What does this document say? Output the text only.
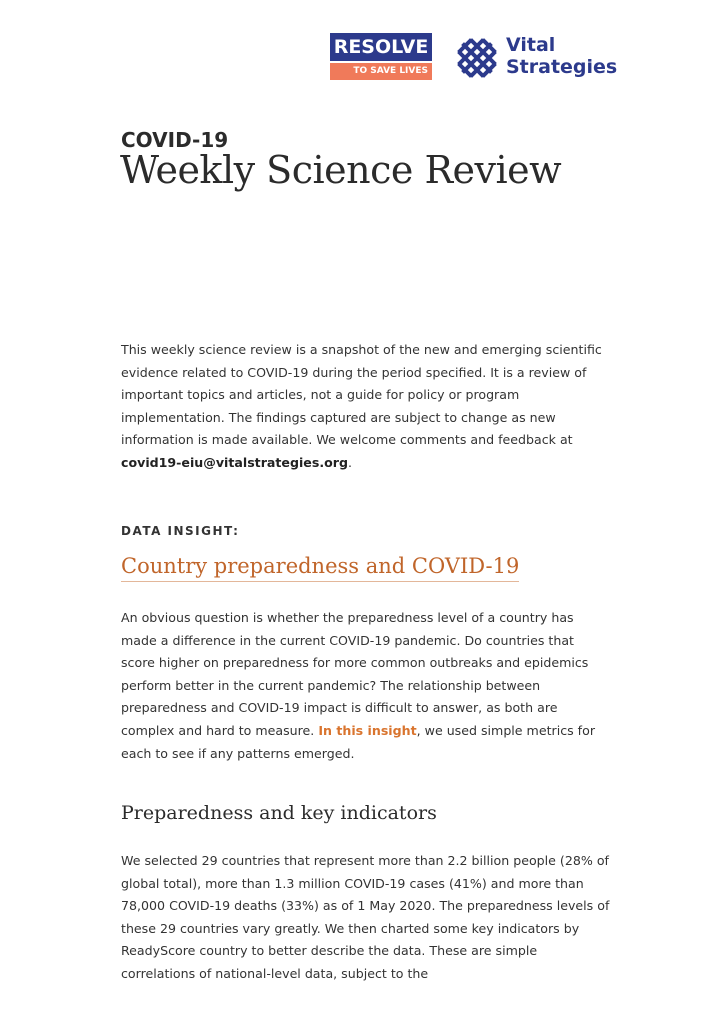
RESOLVE
TO SAVE LIVES
Vital
Strategies
COVID-19
Weekly Science Review

This weekly science review is a snapshot of the new and emerging scientific evidence related to COVID-19 during the period specified. It is a review of important topics and articles, not a guide for policy or program implementation. The findings captured are subject to change as new information is made available. We welcome comments and feedback at covid19-eiu@vitalstrategies.org.

DATA INSIGHT:
Country preparedness and COVID-19

An obvious question is whether the preparedness level of a country has made a difference in the current COVID-19 pandemic. Do countries that score higher on preparedness for more common outbreaks and epidemics perform better in the current pandemic? The relationship between preparedness and COVID-19 impact is difficult to answer, as both are complex and hard to measure. In this insight, we used simple metrics for each to see if any patterns emerged.

Preparedness and key indicators

We selected 29 countries that represent more than 2.2 billion people (28% of global total), more than 1.3 million COVID-19 cases (41%) and more than 78,000 COVID-19 deaths (33%) as of 1 May 2020. The preparedness levels of these 29 countries vary greatly. We then charted some key indicators by ReadyScore country to better describe the data. These are simple correlations of national-level data, subject to the
